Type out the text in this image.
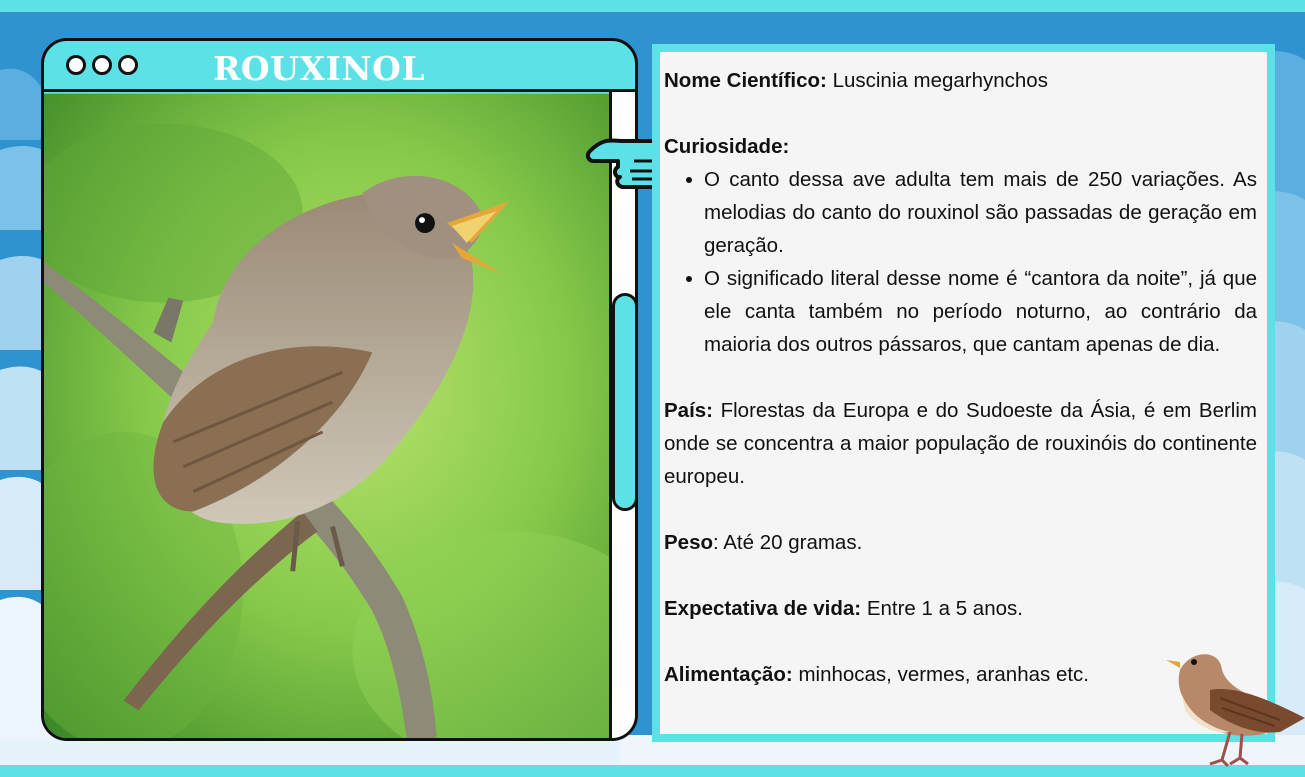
ROUXINOL	Nome Científico: Luscinia megarhynchos

Curiosidade:

O canto dessa ave adulta tem mais de 250 variações. As melodias do canto do rouxinol são passadas de geração em geração.
O significado literal desse nome é “cantora da noite”, já que ele canta também no período noturno, ao contrário da maioria dos outros pássaros, que cantam apenas de dia.

País: Florestas da Europa e do Sudoeste da Ásia, é em Berlim onde se concentra a maior população de rouxinóis do continente europeu.

Peso: Até 20 gramas.

Expectativa de vida: Entre 1 a 5 anos.

Alimentação: minhocas, vermes, aranhas etc.
